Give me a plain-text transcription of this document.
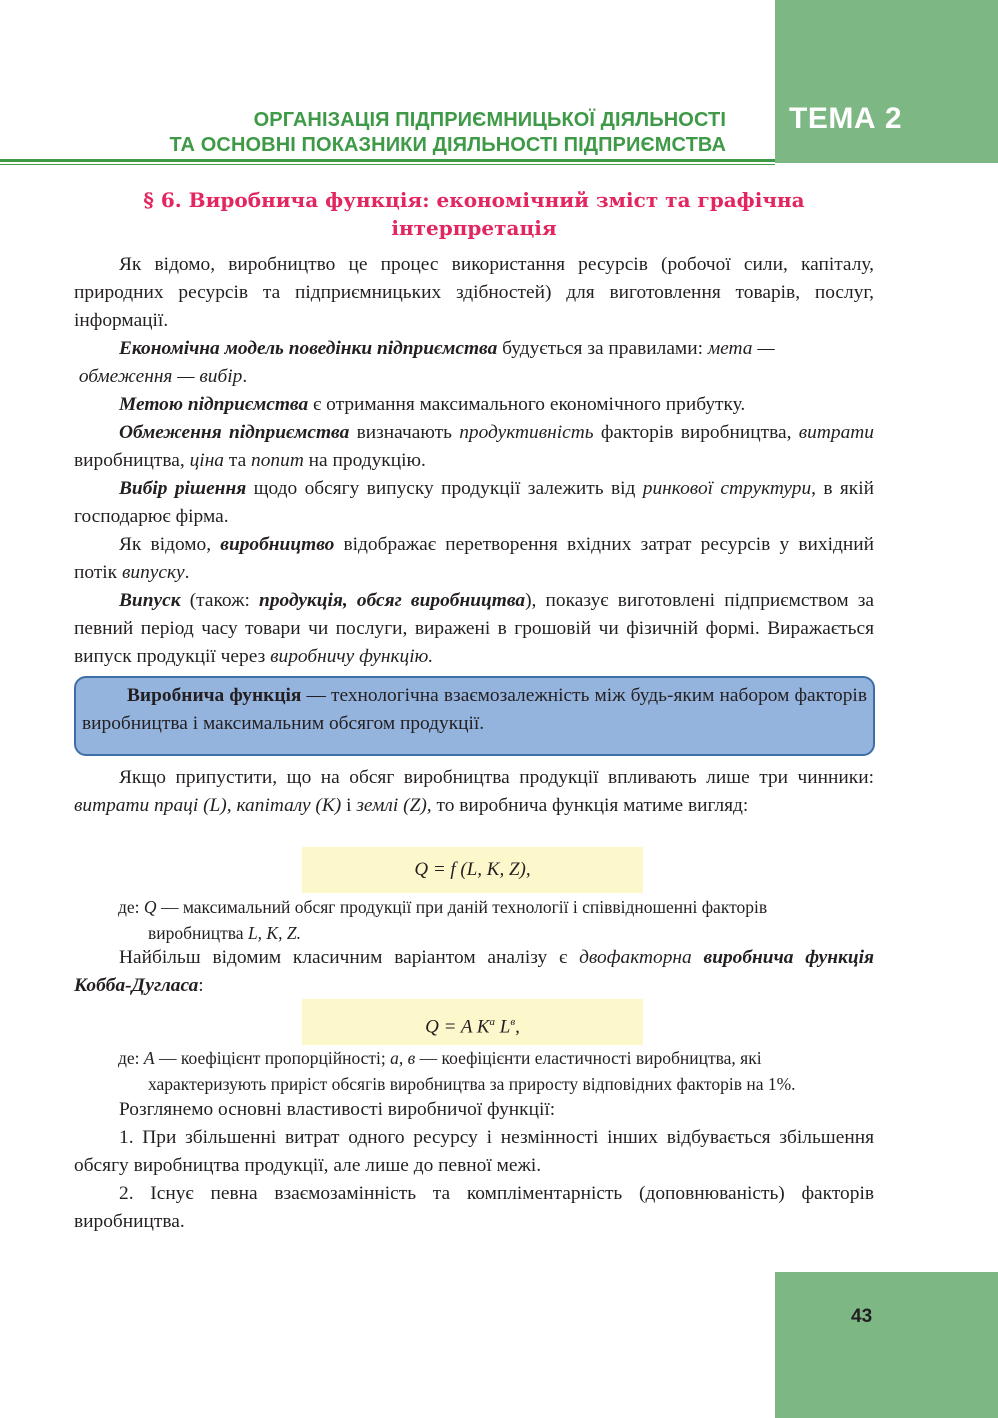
ОРГАНІЗАЦІЯ ПІДПРИЄМНИЦЬКОЇ ДІЯЛЬНОСТІ
ТА ОСНОВНІ ПОКАЗНИКИ ДІЯЛЬНОСТІ ПІДПРИЄМСТВА
ТЕМА 2
§ 6. Виробнича функція: економічний зміст та графічна
інтерпретація

Як відомо, виробництво це процес використання ресурсів (робочої сили, капіталу, природних ресурсів та підприємницьких здібностей) для виготовлення товарів, послуг, інформації.

Економічна модель поведінки підприємства будується за правилами: мета —
обмеження — вибір.

Метою підприємства є отримання максимального економічного прибутку.

Обмеження підприємства визначають продуктивність факторів виробництва, витрати виробництва, ціна та попит на продукцію.

Вибір рішення щодо обсягу випуску продукції залежить від ринкової структури, в якій господарює фірма.

Як відомо, виробництво відображає перетворення вхідних затрат ресурсів у вихідний потік випуску.

Випуск (також: продукція, обсяг виробництва), показує виготовлені підприємством за певний період часу товари чи послуги, виражені в грошовій чи фізичній формі. Виражається випуск продукції через виробничу функцію.

Виробнича функція — технологічна взаємозалежність між будь-яким набором факторів виробництва і максимальним обсягом продукції.

Якщо припустити, що на обсяг виробництва продукції впливають лише три чинники: витрати праці (L), капіталу (K) і землі (Z), то виробнича функція матиме вигляд:

Q = f (L, K, Z),

де: Q — максимальний обсяг продукції при даній технології і співвідношенні факторів
виробництва L, K, Z.

Найбільш відомим класичним варіантом аналізу є двофакторна виробнича функція Кобба-Дугласа:

Q = A $K^a$ $L^в$,

де: A — коефіцієнт пропорційності; a, в — коефіцієнти еластичності виробництва, які
характеризують приріст обсягів виробництва за приросту відповідних факторів на 1%.

Розглянемо основні властивості виробничої функції:

1. При збільшенні витрат одного ресурсу і незмінності інших відбувається збільшення обсягу виробництва продукції, але лише до певної межі.

2. Існує певна взаємозамінність та компліментарність (доповнюваність) факторів виробництва.

43
